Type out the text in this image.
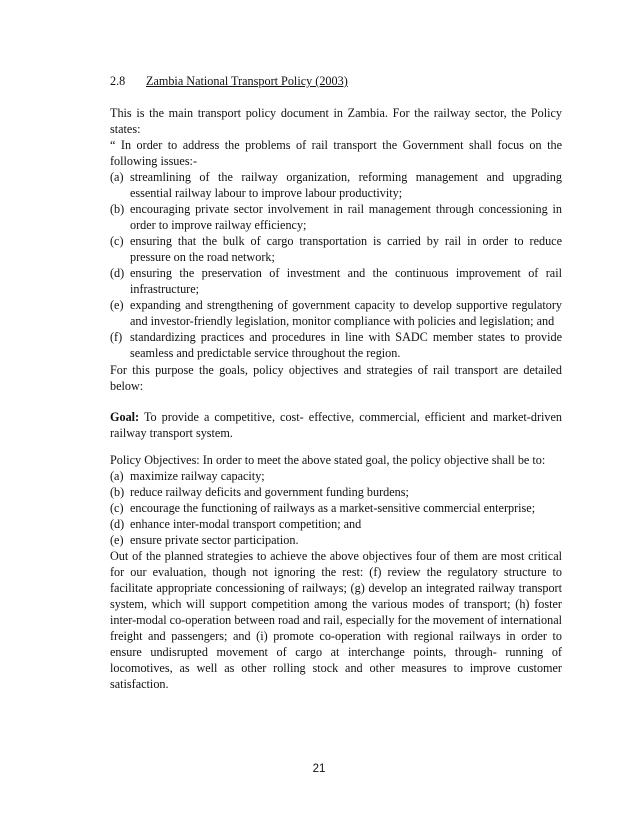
2.8 Zambia National Transport Policy (2003)

This is the main transport policy document in Zambia. For the railway sector, the Policy states:

“ In order to address the problems of rail transport the Government shall focus on the following issues:-

(a) streamlining of the railway organization, reforming management and upgrading essential railway labour to improve labour productivity;
(b) encouraging private sector involvement in rail management through concessioning in order to improve railway efficiency;
(c) ensuring that the bulk of cargo transportation is carried by rail in order to reduce pressure on the road network;
(d) ensuring the preservation of investment and the continuous improvement of rail infrastructure;
(e) expanding and strengthening of government capacity to develop supportive regulatory and investor-friendly legislation, monitor compliance with policies and legislation; and
(f) standardizing practices and procedures in line with SADC member states to provide seamless and predictable service throughout the region.

For this purpose the goals, policy objectives and strategies of rail transport are detailed below:

Goal: To provide a competitive, cost- effective, commercial, efficient and market-driven railway transport system.

Policy Objectives: In order to meet the above stated goal, the policy objective shall be to:

(a) maximize railway capacity;
(b) reduce railway deficits and government funding burdens;
(c) encourage the functioning of railways as a market-sensitive commercial enterprise;
(d) enhance inter-modal transport competition; and
(e) ensure private sector participation.

Out of the planned strategies to achieve the above objectives four of them are most critical for our evaluation, though not ignoring the rest: (f) review the regulatory structure to facilitate appropriate concessioning of railways; (g) develop an integrated railway transport system, which will support competition among the various modes of transport; (h) foster inter-modal co-operation between road and rail, especially for the movement of international freight and passengers; and (i) promote co-operation with regional railways in order to ensure undisrupted movement of cargo at interchange points, through- running of locomotives, as well as other rolling stock and other measures to improve customer satisfaction.

21
